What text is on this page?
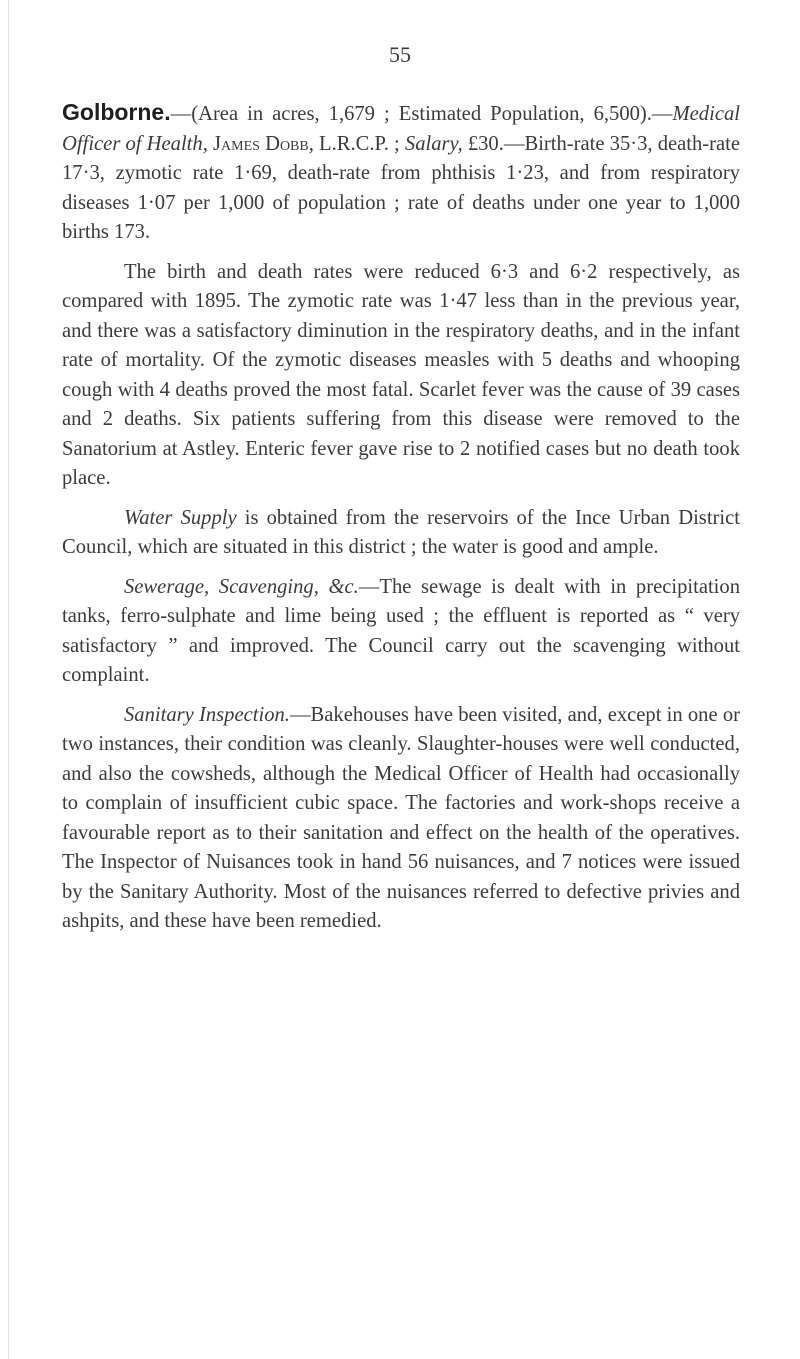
55

Golborne.—(Area in acres, 1,679 ; Estimated Population, 6,500).—Medical Officer of Health, James Dobb, L.R.C.P. ; Salary, £30.—Birth-rate 35·3, death-rate 17·3, zymotic rate 1·69, death-rate from phthisis 1·23, and from respiratory diseases 1·07 per 1,000 of population ; rate of deaths under one year to 1,000 births 173.

The birth and death rates were reduced 6·3 and 6·2 respectively, as compared with 1895. The zymotic rate was 1·47 less than in the previous year, and there was a satisfactory diminution in the respiratory deaths, and in the infant rate of mortality. Of the zymotic diseases measles with 5 deaths and whooping cough with 4 deaths proved the most fatal. Scarlet fever was the cause of 39 cases and 2 deaths. Six patients suffering from this disease were removed to the Sanatorium at Astley. Enteric fever gave rise to 2 notified cases but no death took place.

Water Supply is obtained from the reservoirs of the Ince Urban District Council, which are situated in this district ; the water is good and ample.

Sewerage, Scavenging, &c.—The sewage is dealt with in precipitation tanks, ferro-sulphate and lime being used ; the effluent is reported as “ very satisfactory ” and improved. The Council carry out the scavenging without complaint.

Sanitary Inspection.—Bakehouses have been visited, and, except in one or two instances, their condition was cleanly. Slaughter-houses were well conducted, and also the cowsheds, although the Medical Officer of Health had occasionally to complain of insufficient cubic space. The factories and work-shops receive a favourable report as to their sanitation and effect on the health of the operatives. The Inspector of Nuisances took in hand 56 nuisances, and 7 notices were issued by the Sanitary Authority. Most of the nuisances referred to defective privies and ashpits, and these have been remedied.
